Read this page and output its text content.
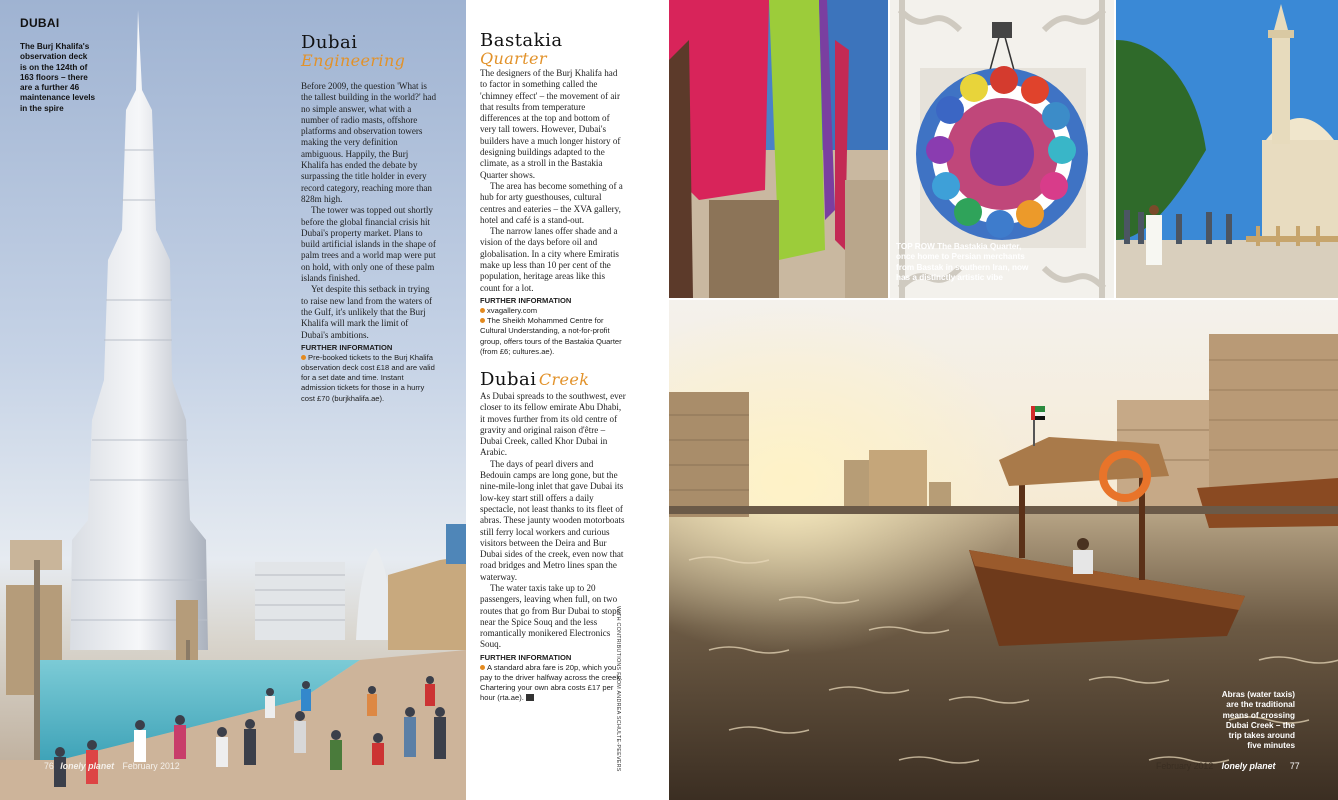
DUBAI
The Burj Khalifa's observation deck is on the 124th of 163 floors – there are a further 46 maintenance levels in the spire
Dubai
Engineering

Before 2009, the question 'What is the tallest building in the world?' had no simple answer, what with a number of radio masts, offshore platforms and observation towers making the very definition ambiguous. Happily, the Burj Khalifa has ended the debate by surpassing the title holder in every record category, reaching more than 828m high.

The tower was topped out shortly before the global financial crisis hit Dubai's property market. Plans to build artificial islands in the shape of palm trees and a world map were put on hold, with only one of these palm islands finished.

Yet despite this setback in trying to raise new land from the waters of the Gulf, it's unlikely that the Burj Khalifa will mark the limit of Dubai's ambitions.

FURTHER INFORMATION
Pre-booked tickets to the Burj Khalifa observation deck cost £18 and are valid for a set date and time. Instant admission tickets for those in a hurry cost £70 (burjkhalifa.ae).
Bastakia Quarter

The designers of the Burj Khalifa had to factor in something called the 'chimney effect' – the movement of air that results from temperature differences at the top and bottom of very tall towers. However, Dubai's builders have a much longer history of designing buildings adapted to the climate, as a stroll in the Bastakia Quarter shows.

The area has become something of a hub for arty guesthouses, cultural centres and eateries – the XVA gallery, hotel and café is a stand-out.

The narrow lanes offer shade and a vision of the days before oil and globalisation. In a city where Emiratis make up less than 10 per cent of the population, heritage areas like this count for a lot.

FURTHER INFORMATION
xvagallery.com
The Sheikh Mohammed Centre for Cultural Understanding, a not-for-profit group, offers tours of the Bastakia Quarter (from £6; cultures.ae).
Dubai Creek

As Dubai spreads to the southwest, ever closer to its fellow emirate Abu Dhabi, it moves further from its old centre of gravity and original raison d'être – Dubai Creek, called Khor Dubai in Arabic.

The days of pearl divers and Bedouin camps are long gone, but the nine-mile-long inlet that gave Dubai its low-key start still offers a daily spectacle, not least thanks to its fleet of abras. These jaunty wooden motorboats still ferry local workers and curious visitors between the Deira and Bur Dubai sides of the creek, even now that road bridges and Metro lines span the waterway.

The water taxis take up to 20 passengers, leaving when full, on two routes that go from Bur Dubai to stops near the Spice Souq and the less romantically monikered Electronics Souq.

FURTHER INFORMATION
A standard abra fare is 20p, which you pay to the driver halfway across the creek. Chartering your own abra costs £17 per hour (rta.ae).	WITH CONTRIBUTIONS FROM ANDREA SCHULTE-PEEVERS
TOP ROW The Bastakia Quarter, once home to Persian merchants from Bastak in southern Iran, now has a distinctly artistic vibe
Abras (water taxis) are the traditional means of crossing Dubai Creek – the trip takes around five minutes
76 lonely planet February 2012	February 2012 lonely planet 77
